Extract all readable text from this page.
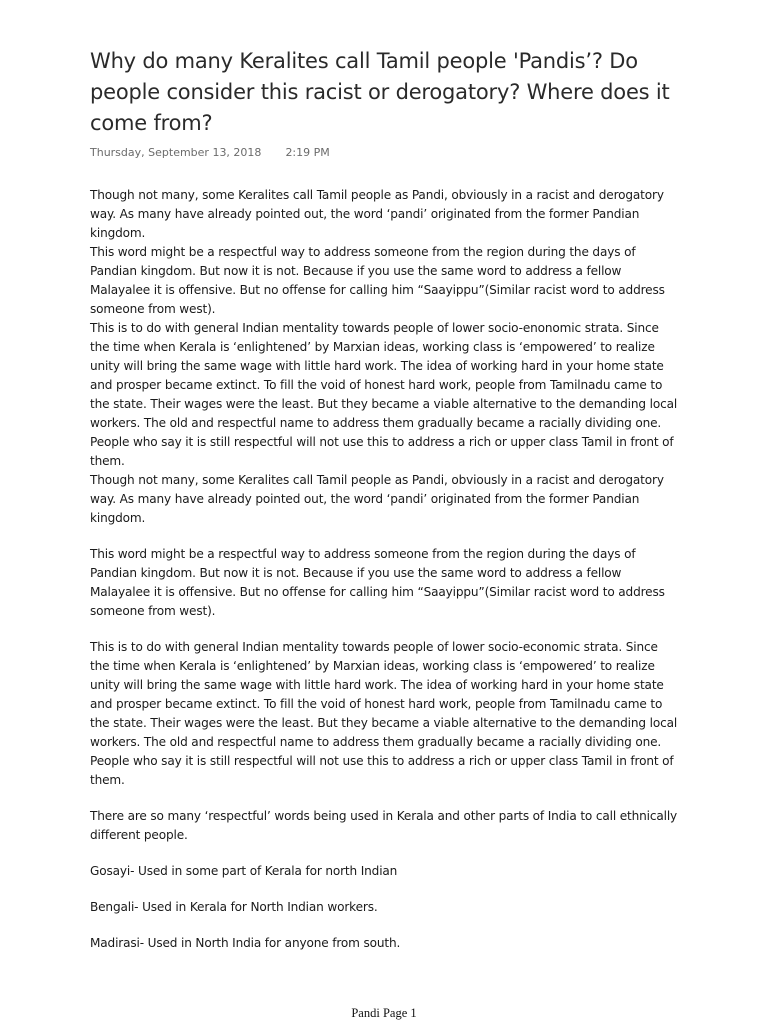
Why do many Keralites call Tamil people 'Pandis’? Do people consider this racist or derogatory? Where does it come from?
Thursday, September 13, 2018 2:19 PM

Though not many, some Keralites call Tamil people as Pandi, obviously in a racist and derogatory way. As many have already pointed out, the word ‘pandi’ originated from the former Pandian kingdom.

This word might be a respectful way to address someone from the region during the days of Pandian kingdom. But now it is not. Because if you use the same word to address a fellow Malayalee it is offensive. But no offense for calling him “Saayippu”(Similar racist word to address someone from west).

This is to do with general Indian mentality towards people of lower socio-enonomic strata. Since the time when Kerala is ‘enlightened’ by Marxian ideas, working class is ‘empowered’ to realize unity will bring the same wage with little hard work. The idea of working hard in your home state and prosper became extinct. To fill the void of honest hard work, people from Tamilnadu came to the state. Their wages were the least. But they became a viable alternative to the demanding local workers. The old and respectful name to address them gradually became a racially dividing one. People who say it is still respectful will not use this to address a rich or upper class Tamil in front of them.

Though not many, some Keralites call Tamil people as Pandi, obviously in a racist and derogatory way. As many have already pointed out, the word ‘pandi’ originated from the former Pandian kingdom.

This word might be a respectful way to address someone from the region during the days of Pandian kingdom. But now it is not. Because if you use the same word to address a fellow Malayalee it is offensive. But no offense for calling him “Saayippu”(Similar racist word to address someone from west).

This is to do with general Indian mentality towards people of lower socio-economic strata. Since the time when Kerala is ‘enlightened’ by Marxian ideas, working class is ‘empowered’ to realize unity will bring the same wage with little hard work. The idea of working hard in your home state and prosper became extinct. To fill the void of honest hard work, people from Tamilnadu came to the state. Their wages were the least. But they became a viable alternative to the demanding local workers. The old and respectful name to address them gradually became a racially dividing one. People who say it is still respectful will not use this to address a rich or upper class Tamil in front of them.

There are so many ‘respectful’ words being used in Kerala and other parts of India to call ethnically different people.

Gosayi- Used in some part of Kerala for north Indian

Bengali- Used in Kerala for North Indian workers.

Madirasi- Used in North India for anyone from south.

Pandi Page 1
